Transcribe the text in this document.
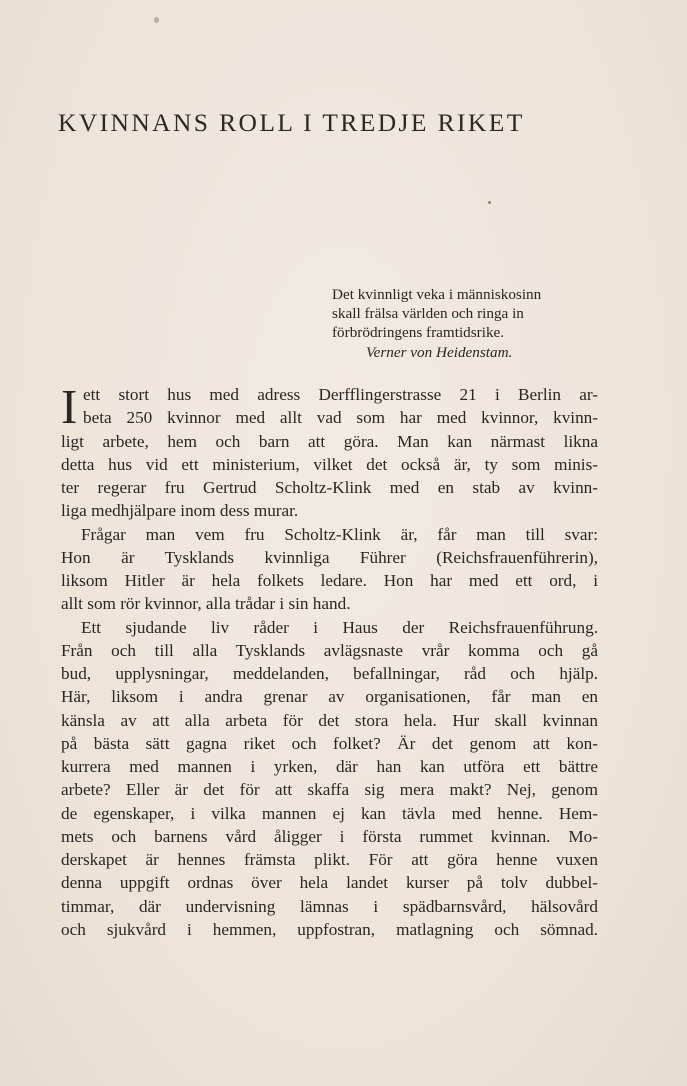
KVINNANS ROLL I TREDJE RIKET
Det kvinnligt veka i människosinn
skall frälsa världen och ringa in
förbrödringens framtidsrike.
Verner von Heidenstam.
I ett stort hus med adress Derfflingerstrasse 21 i Berlin ar-
beta 250 kvinnor med allt vad som har med kvinnor, kvinn-
ligt arbete, hem och barn att göra. Man kan närmast likna
detta hus vid ett ministerium, vilket det också är, ty som minis-
ter regerar fru Gertrud Scholtz-Klink med en stab av kvinn-
liga medhjälpare inom dess murar.
Frågar man vem fru Scholtz-Klink är, får man till svar:
Hon är Tysklands kvinnliga Führer (Reichsfrauenführerin),
liksom Hitler är hela folkets ledare. Hon har med ett ord, i
allt som rör kvinnor, alla trådar i sin hand.
Ett sjudande liv råder i Haus der Reichsfrauenführung.
Från och till alla Tysklands avlägsnaste vrår komma och gå
bud, upplysningar, meddelanden, befallningar, råd och hjälp.
Här, liksom i andra grenar av organisationen, får man en
känsla av att alla arbeta för det stora hela. Hur skall kvinnan
på bästa sätt gagna riket och folket? Är det genom att kon-
kurrera med mannen i yrken, där han kan utföra ett bättre
arbete? Eller är det för att skaffa sig mera makt? Nej, genom
de egenskaper, i vilka mannen ej kan tävla med henne. Hem-
mets och barnens vård åligger i första rummet kvinnan. Mo-
derskapet är hennes främsta plikt. För att göra henne vuxen
denna uppgift ordnas över hela landet kurser på tolv dubbel-
timmar, där undervisning lämnas i spädbarnsvård, hälsovård
och sjukvård i hemmen, uppfostran, matlagning och sömnad.
